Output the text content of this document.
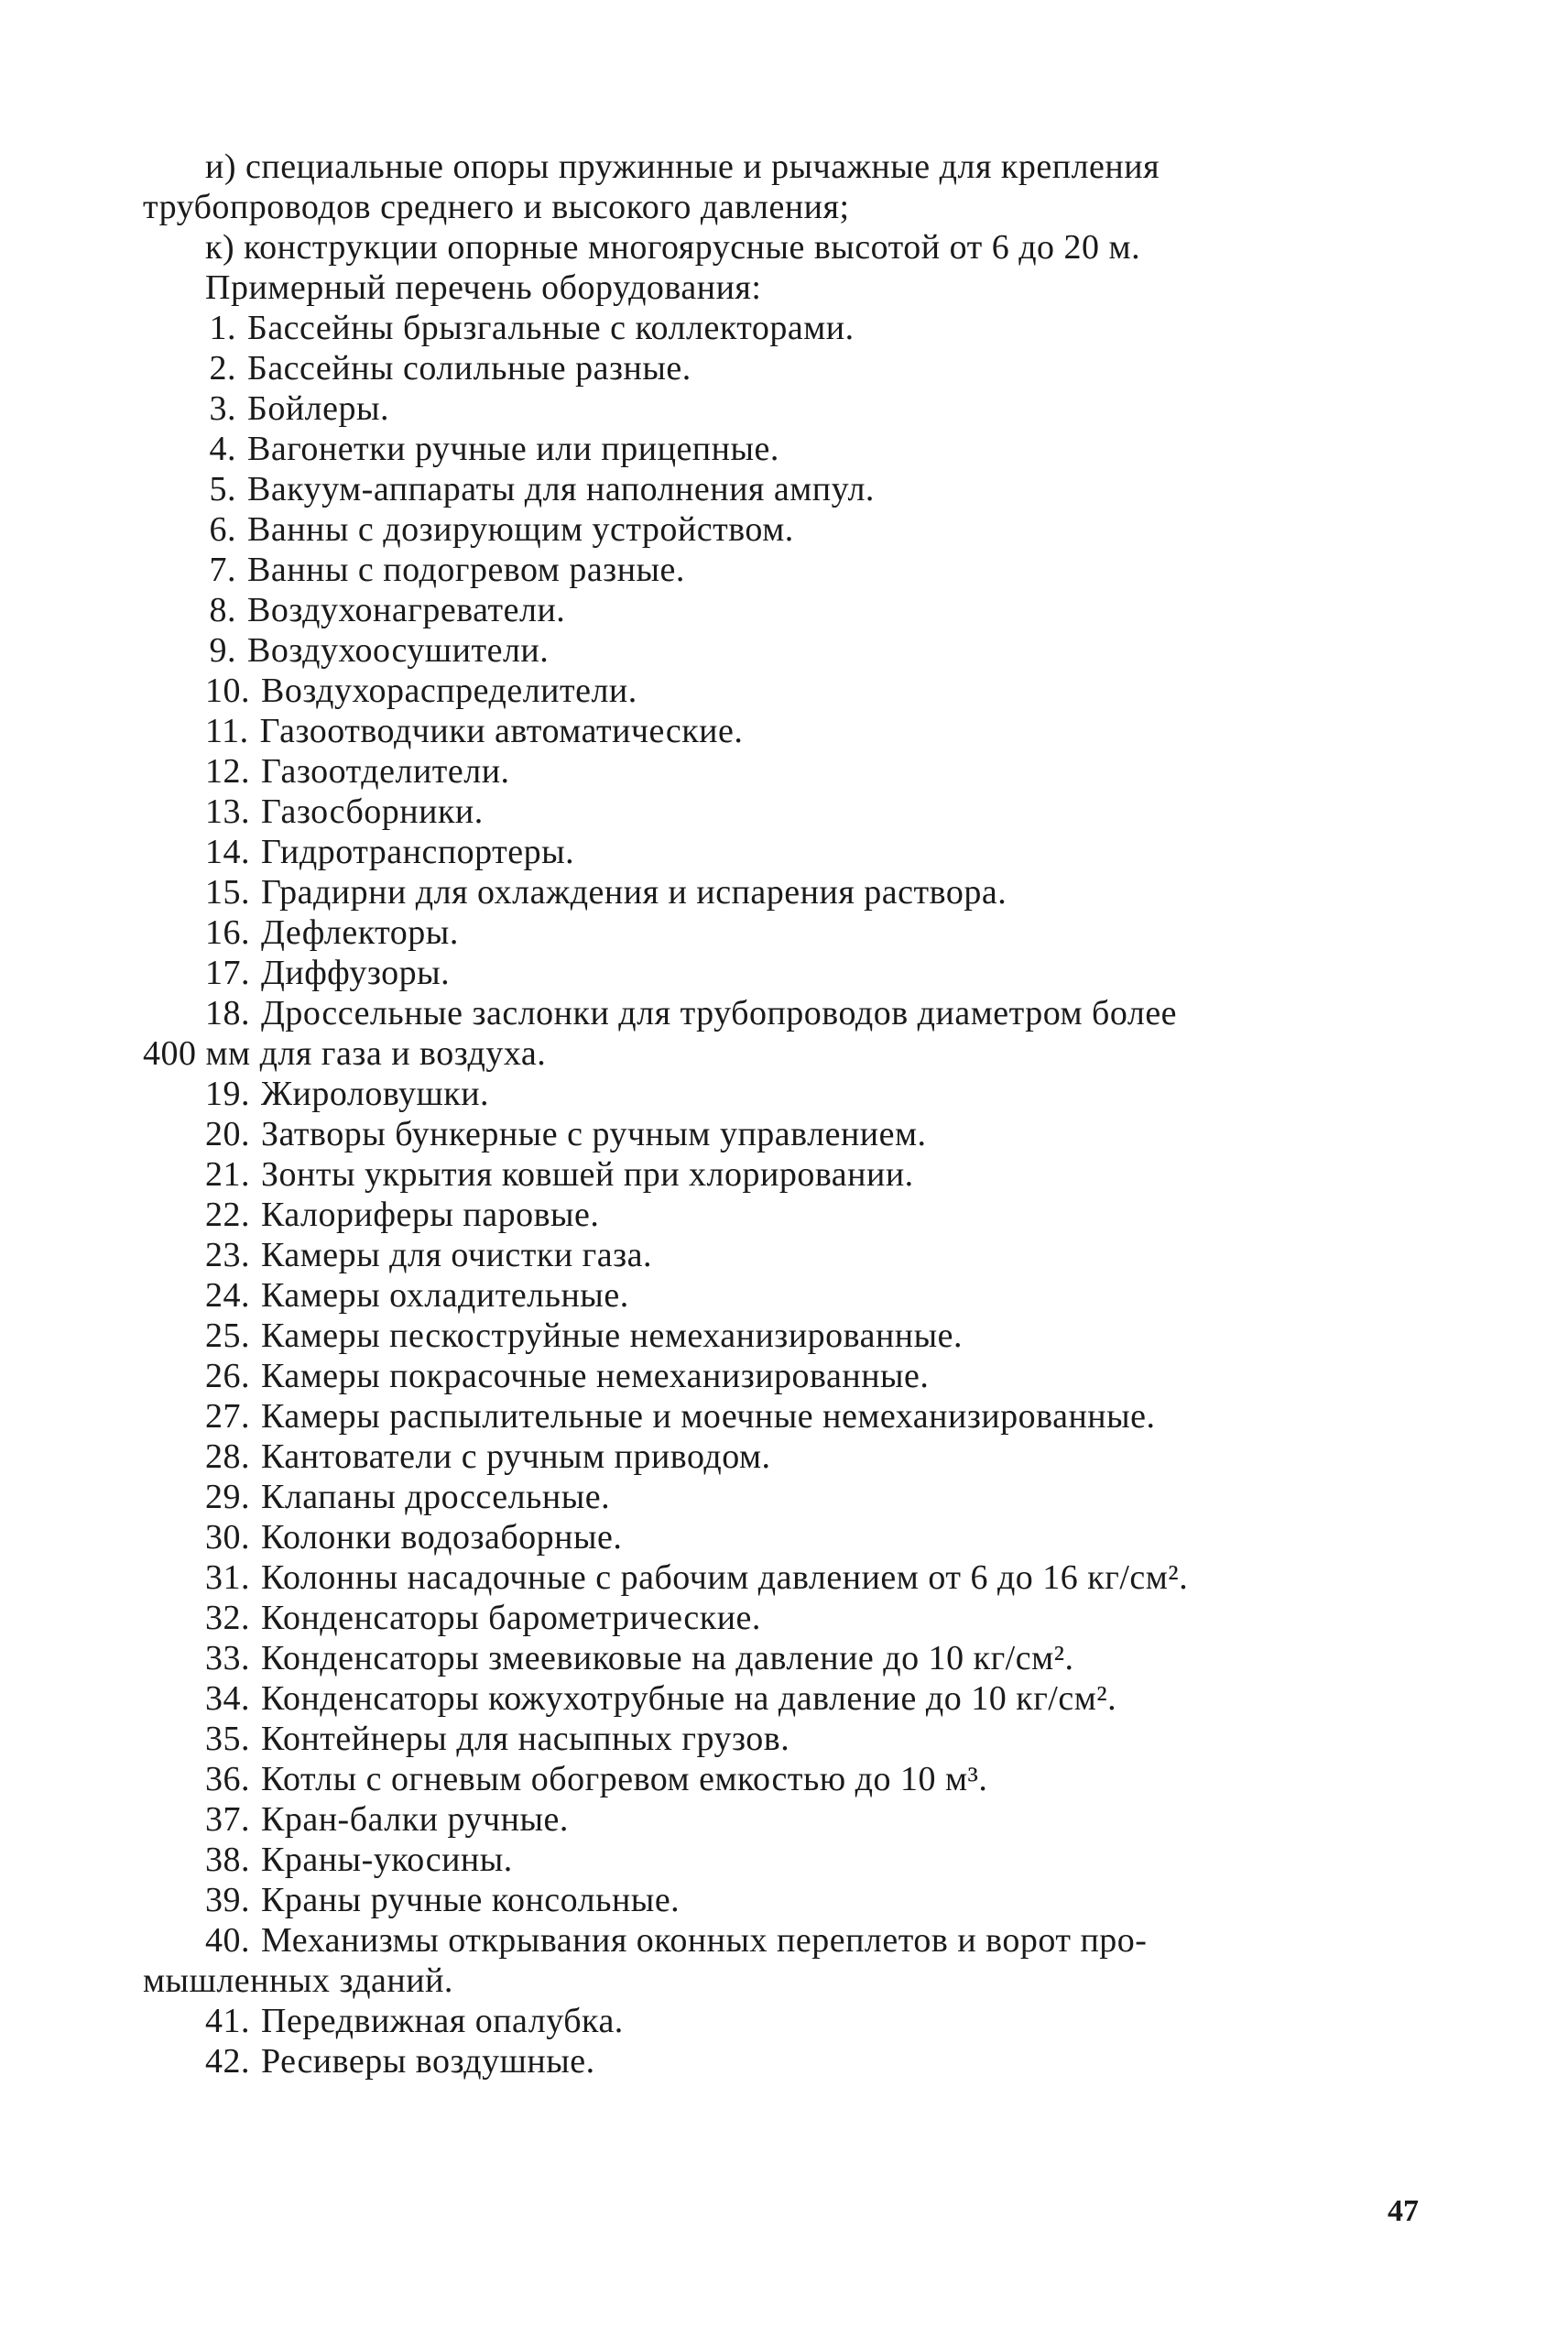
и) специальные опоры пружинные и рычажные для крепления
трубопроводов среднего и высокого давления;
к) конструкции опорные многоярусные высотой от 6 до 20 м.
Примерный перечень оборудования:
1. Бассейны брызгальные с коллекторами.
2. Бассейны солильные разные.
3. Бойлеры.
4. Вагонетки ручные или прицепные.
5. Вакуум-аппараты для наполнения ампул.
6. Ванны с дозирующим устройством.
7. Ванны с подогревом разные.
8. Воздухонагреватели.
9. Воздухоосушители.
10. Воздухораспределители.
11. Газоотводчики автоматические.
12. Газоотделители.
13. Газосборники.
14. Гидротранспортеры.
15. Градирни для охлаждения и испарения раствора.
16. Дефлекторы.
17. Диффузоры.
18. Дроссельные заслонки для трубопроводов диаметром более
400 мм для газа и воздуха.
19. Жироловушки.
20. Затворы бункерные с ручным управлением.
21. Зонты укрытия ковшей при хлорировании.
22. Калориферы паровые.
23. Камеры для очистки газа.
24. Камеры охладительные.
25. Камеры пескоструйные немеханизированные.
26. Камеры покрасочные немеханизированные.
27. Камеры распылительные и моечные немеханизированные.
28. Кантователи с ручным приводом.
29. Клапаны дроссельные.
30. Колонки водозаборные.
31. Колонны насадочные с рабочим давлением от 6 до 16 кг/см².
32. Конденсаторы барометрические.
33. Конденсаторы змеевиковые на давление до 10 кг/см².
34. Конденсаторы кожухотрубные на давление до 10 кг/см².
35. Контейнеры для насыпных грузов.
36. Котлы с огневым обогревом емкостью до 10 м³.
37. Кран-балки ручные.
38. Краны-укосины.
39. Краны ручные консольные.
40. Механизмы открывания оконных переплетов и ворот про-
мышленных зданий.
41. Передвижная опалубка.
42. Ресиверы воздушные.
47
